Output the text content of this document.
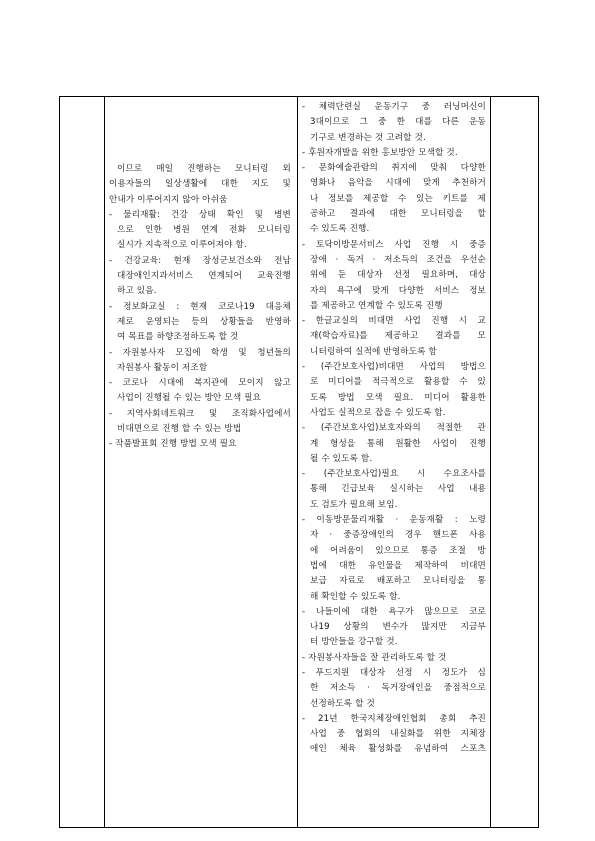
이므로 매일 진행하는 모니터링 외
이용자들의 일상생활에 대한 지도 및
안내가 이루어지지 않아 아쉬움
- 물리재활: 건강 상태 확인 및 병변
으로 인한 병원 연계 전화 모니터링
실시가 지속적으로 이루어져야 함.
- 건강교육: 현재 장성군보건소와 전남
대장애인지과서비스 연계되어 교육진행
하고 있음.
- 정보화교실 : 현재 코로나19 대응체
제로 운영되는 등의 상황들을 반영하
여 목표를 하향조정하도록 할 것
- 자원봉사자 모집에 학생 및 청년들의
자원봉사 활동이 저조함
- 코로나 시대에 복지관에 모이지 않고
사업이 진행될 수 있는 방안 모색 필요
- 지역사회네트워크 및 조직화사업에서
비대면으로 진행 할 수 있는 방법
- 작품발표회 진행 방법 모색 필요
- 체력단련실 운동기구 중 러닝머신이
3대이므로 그 중 한 대를 다른 운동
기구로 변경하는 것 고려할 것.
- 후원자개발을 위한 홍보방안 모색할 것.
- 문화예술관람의 취지에 맞춰 다양한
영화나 음악을 시대에 맞게 추천하거
나 정보를 제공할 수 있는 키트를 제
공하고 결과에 대한 모니터링을 할
수 있도록 진행.
- 토닥이방문서비스 사업 진행 시 중증
장애 · 독거 · 저소득의 조건을 우선순
위에 둔 대상자 선정 필요하며, 대상
자의 욕구에 맞게 다양한 서비스 정보
를 제공하고 연계할 수 있도록 진행
- 한글교실의 비대면 사업 진행 시 교
재(학습자료)를 제공하고 결과를 모
니터링하여 실적에 반영하도록 함
- (주간보호사업)비대면 사업의 방법으
로 미디어를 적극적으로 활용할 수 있
도록 방법 모색 필요. 미디어 활용한
사업도 실적으로 잡을 수 있도록 함.
- (주간보호사업)보호자와의 적절한 관
계 형성을 통해 원활한 사업이 진행
될 수 있도록 함.
- (주간보호사업)필요 시 수요조사를
통해 긴급보육 실시하는 사업 내용
도 검토가 필요해 보임.
- 이동방문물리재활 · 운동재활 : 노령
자 · 중증장애인의 경우 핸드폰 사용
에 어려움이 있으므로 통증 조절 방
법에 대한 유인물을 제작하여 비대면
보급 자료로 배포하고 모니터링을 통
해 확인할 수 있도록 함.
- 나들이에 대한 욕구가 많으므로 코로
나19 상황의 변수가 많지만 지금부
터 방안들을 강구할 것.
- 자원봉사자들을 잘 관리하도록 할 것
- 푸드지원 대상자 선정 시 정도가 심
한 저소득 · 독거장애인을 중점적으로
선정하도록 할 것
- 21년 한국지체장애인협회 총회 추진
사업 중 협회의 내실화를 위한 지체장
애인 체육 활성화를 유념하여 스포츠
